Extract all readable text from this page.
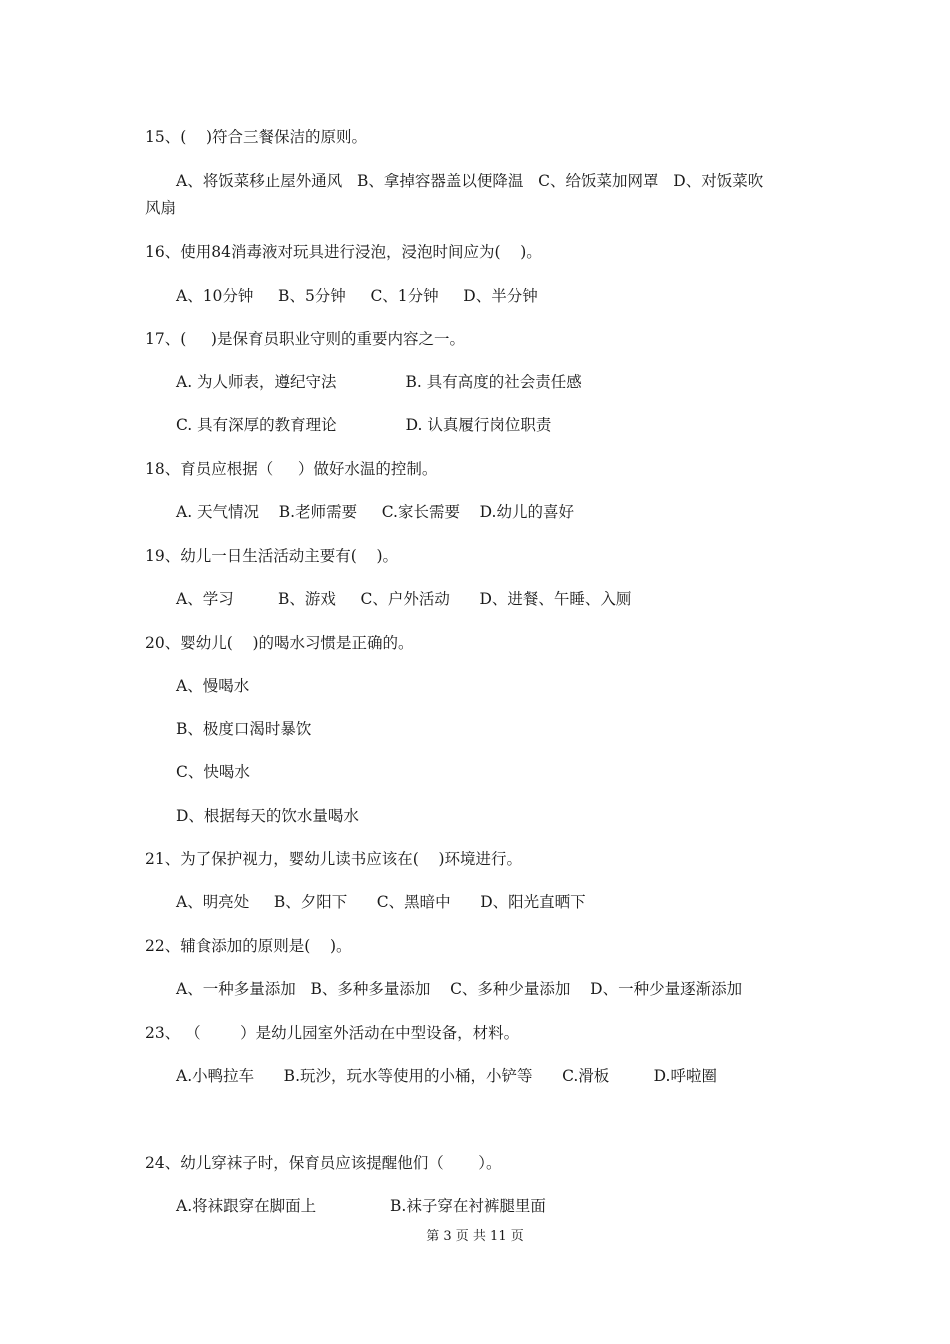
15、(    )符合三餐保洁的原则。
A、将饭菜移止屋外通风   B、拿掉容器盖以便降温   C、给饭菜加网罩   D、对饭菜吹
风扇
16、使用84消毒液对玩具进行浸泡，浸泡时间应为(    )。
A、10分钟     B、5分钟     C、1分钟     D、半分钟
17、(     )是保育员职业守则的重要内容之一。
A. 为人师表，遵纪守法              B. 具有高度的社会责任感
C. 具有深厚的教育理论              D. 认真履行岗位职责
18、育员应根据（     ）做好水温的控制。
A. 天气情况    B.老师需要     C.家长需要    D.幼儿的喜好
19、幼儿一日生活活动主要有(    )。
A、学习         B、游戏     C、户外活动      D、进餐、午睡、入厕
20、婴幼儿(    )的喝水习惯是正确的。
A、慢喝水
B、极度口渴时暴饮
C、快喝水
D、根据每天的饮水量喝水
21、为了保护视力，婴幼儿读书应该在(    )环境进行。
A、明亮处     B、夕阳下      C、黑暗中      D、阳光直晒下
22、辅食添加的原则是(    )。
A、一种多量添加   B、多种多量添加    C、多种少量添加    D、一种少量逐渐添加
23、 （        ）是幼儿园室外活动在中型设备，材料。
A.小鸭拉车      B.玩沙，玩水等使用的小桶，小铲等      C.滑板         D.呼啦圈
24、幼儿穿袜子时，保育员应该提醒他们（       ）。
A.将袜跟穿在脚面上               B.袜子穿在衬裤腿里面
第 3 页 共 11 页
